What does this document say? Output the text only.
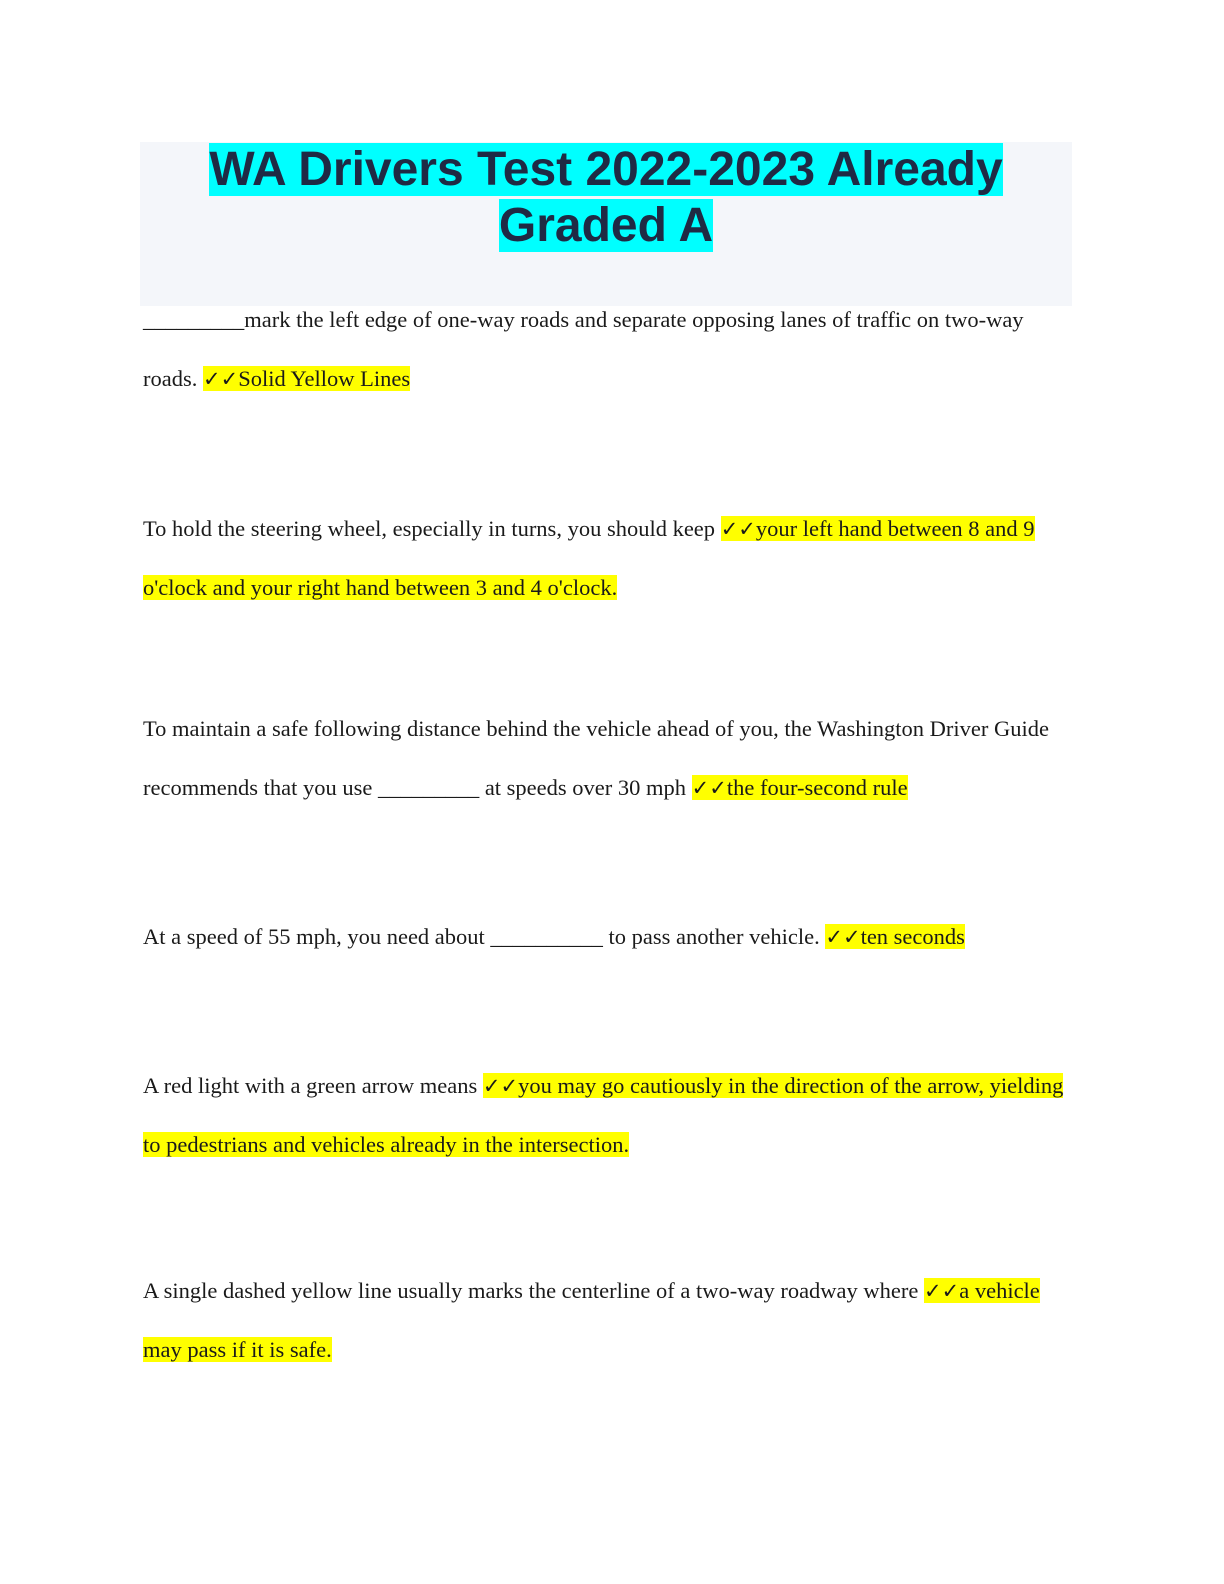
WA Drivers Test 2022-2023 Already Graded A

_________mark the left edge of one-way roads and separate opposing lanes of traffic on two-way roads. ✓✓Solid Yellow Lines

To hold the steering wheel, especially in turns, you should keep ✓✓your left hand between 8 and 9 o'clock and your right hand between 3 and 4 o'clock.

To maintain a safe following distance behind the vehicle ahead of you, the Washington Driver Guide recommends that you use _________ at speeds over 30 mph ✓✓the four-second rule

At a speed of 55 mph, you need about __________ to pass another vehicle. ✓✓ten seconds

A red light with a green arrow means ✓✓you may go cautiously in the direction of the arrow, yielding to pedestrians and vehicles already in the intersection.

A single dashed yellow line usually marks the centerline of a two-way roadway where ✓✓a vehicle may pass if it is safe.
